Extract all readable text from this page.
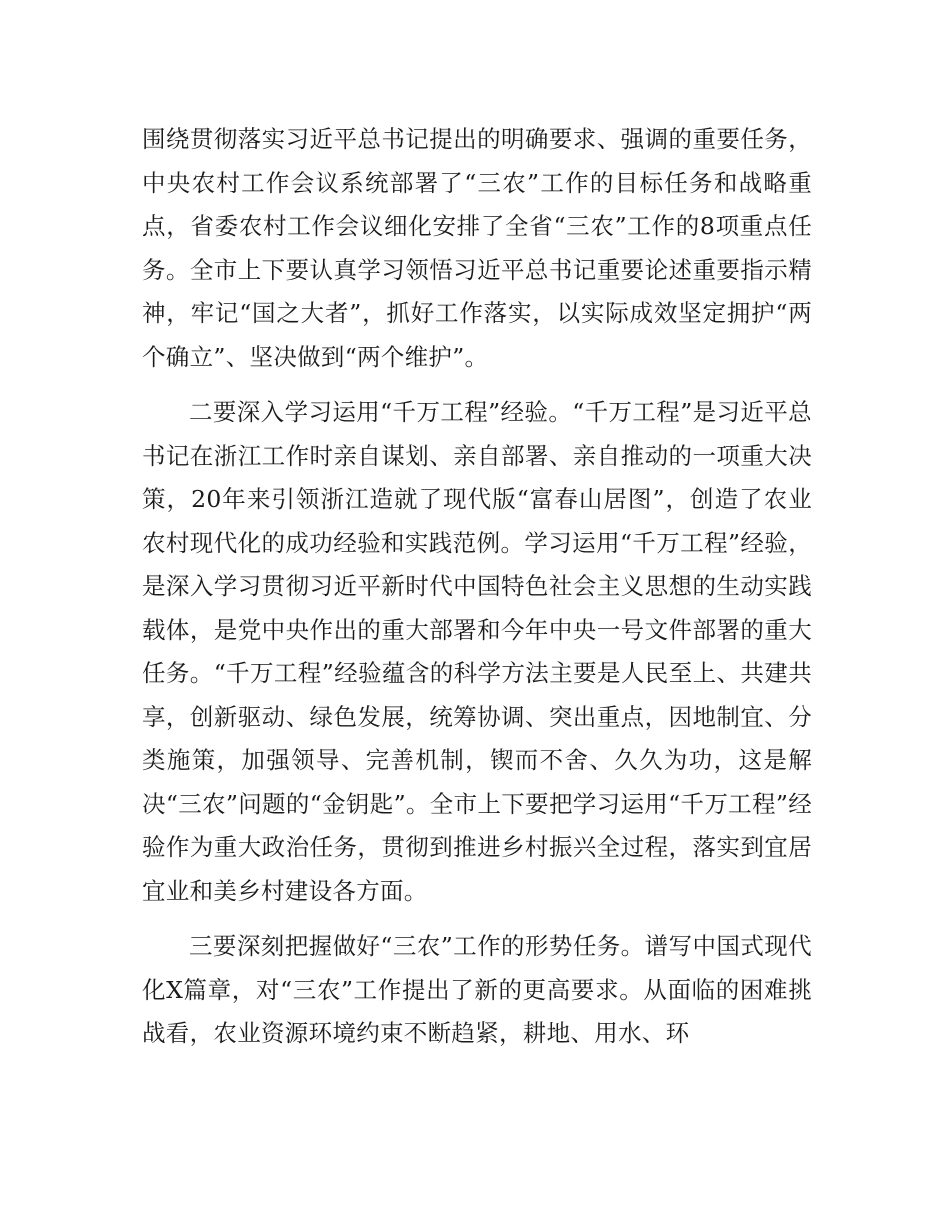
围绕贯彻落实习近平总书记提出的明确要求、强调的重要任务，中央农村工作会议系统部署了“三农”工作的目标任务和战略重点，省委农村工作会议细化安排了全省“三农”工作的8项重点任务。全市上下要认真学习领悟习近平总书记重要论述重要指示精神，牢记“国之大者”，抓好工作落实，以实际成效坚定拥护“两个确立”、坚决做到“两个维护”。

二要深入学习运用“千万工程”经验。“千万工程”是习近平总书记在浙江工作时亲自谋划、亲自部署、亲自推动的一项重大决策，20年来引领浙江造就了现代版“富春山居图”，创造了农业农村现代化的成功经验和实践范例。学习运用“千万工程”经验，是深入学习贯彻习近平新时代中国特色社会主义思想的生动实践载体，是党中央作出的重大部署和今年中央一号文件部署的重大任务。“千万工程”经验蕴含的科学方法主要是人民至上、共建共享，创新驱动、绿色发展，统筹协调、突出重点，因地制宜、分类施策，加强领导、完善机制，锲而不舍、久久为功，这是解决“三农”问题的“金钥匙”。全市上下要把学习运用“千万工程”经验作为重大政治任务，贯彻到推进乡村振兴全过程，落实到宜居宜业和美乡村建设各方面。

三要深刻把握做好“三农”工作的形势任务。谱写中国式现代化X篇章，对“三农”工作提出了新的更高要求。从面临的困难挑战看，农业资源环境约束不断趋紧，耕地、用水、环
